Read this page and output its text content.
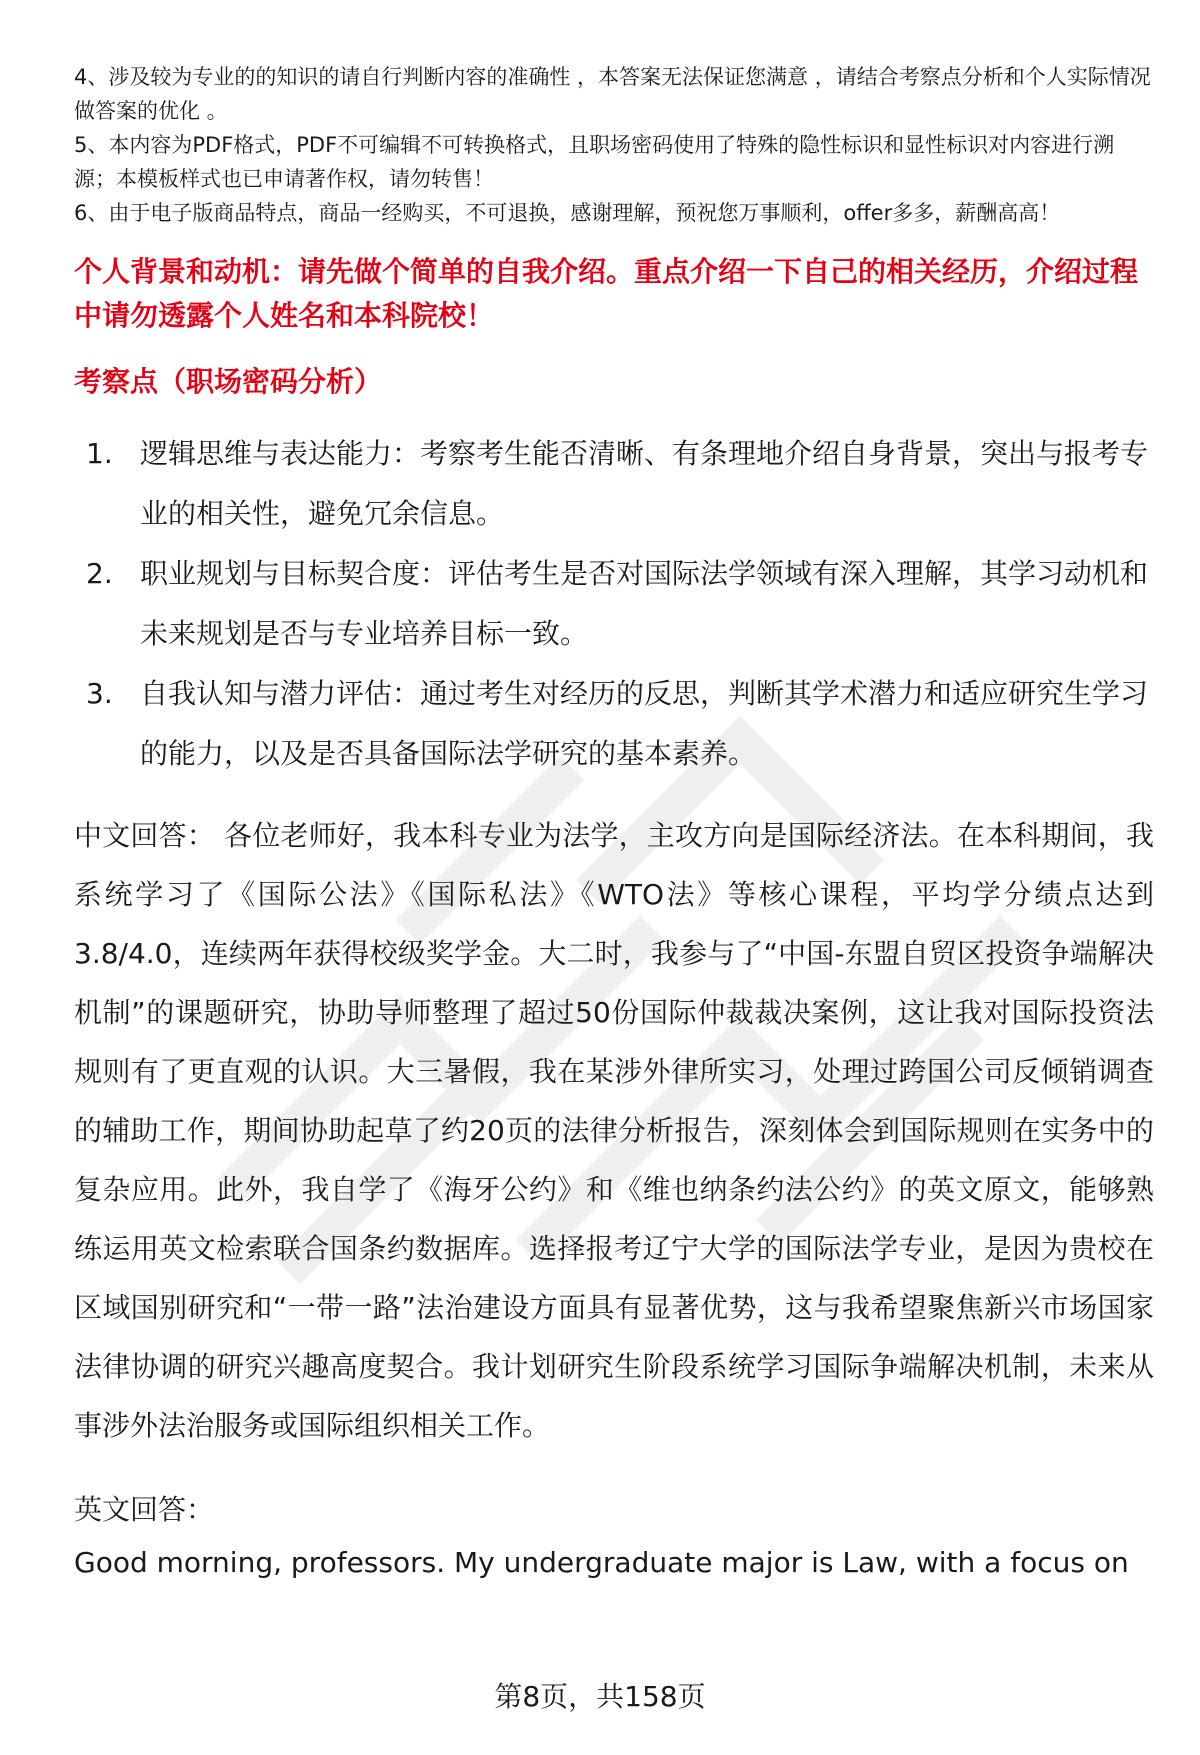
4、涉及较为专业的的知识的请自行判断内容的准确性 ，本答案无法保证您满意 ，请结合考察点分析和个人实际情况做答案的优化 。

5、本内容为PDF格式，PDF不可编辑不可转换格式，且职场密码使用了特殊的隐性标识和显性标识对内容进行溯源；本模板样式也已申请著作权，请勿转售！

6、由于电子版商品特点，商品一经购买，不可退换，感谢理解，预祝您万事顺利，offer多多，薪酬高高！

个人背景和动机：请先做个简单的自我介绍。重点介绍一下自己的相关经历，介绍过程中请勿透露个人姓名和本科院校！
考察点（职场密码分析）
1. 逻辑思维与表达能力：考察考生能否清晰、有条理地介绍自身背景，突出与报考专业的相关性，避免冗余信息。
2. 职业规划与目标契合度：评估考生是否对国际法学领域有深入理解，其学习动机和未来规划是否与专业培养目标一致。
3. 自我认知与潜力评估：通过考生对经历的反思，判断其学术潜力和适应研究生学习的能力，以及是否具备国际法学研究的基本素养。

中文回答： 各位老师好，我本科专业为法学，主攻方向是国际经济法。在本科期间，我系统学习了《国际公法》《国际私法》《WTO法》等核心课程，平均学分绩点达到3.8/4.0，连续两年获得校级奖学金。大二时，我参与了“中国-东盟自贸区投资争端解决机制”的课题研究，协助导师整理了超过50份国际仲裁裁决案例，这让我对国际投资法规则有了更直观的认识。大三暑假，我在某涉外律所实习，处理过跨国公司反倾销调查的辅助工作，期间协助起草了约20页的法律分析报告，深刻体会到国际规则在实务中的复杂应用。此外，我自学了《海牙公约》和《维也纳条约法公约》的英文原文，能够熟练运用英文检索联合国条约数据库。选择报考辽宁大学的国际法学专业，是因为贵校在区域国别研究和“一带一路”法治建设方面具有显著优势，这与我希望聚焦新兴市场国家法律协调的研究兴趣高度契合。我计划研究生阶段系统学习国际争端解决机制，未来从事涉外法治服务或国际组织相关工作。

英文回答：

Good morning, professors. My undergraduate major is Law, with a focus on

第8页，共158页
